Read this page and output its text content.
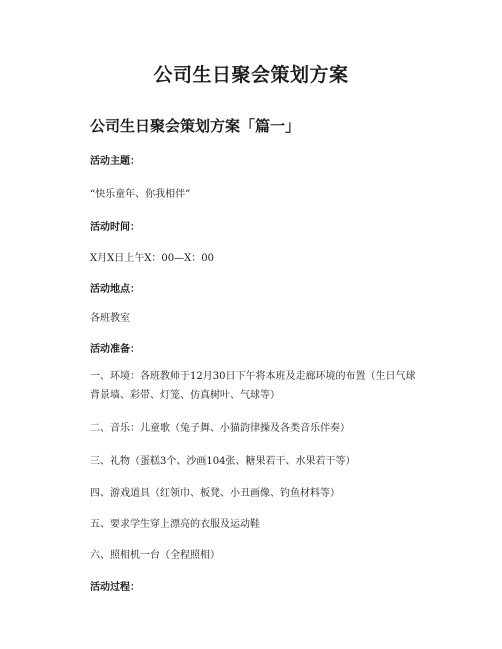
公司生日聚会策划方案
公司生日聚会策划方案「篇一」

活动主题：

“快乐童年、你我相伴”

活动时间：

X月X日上午X：00—X：00

活动地点：

各班教室

活动准备：

一、环境：各班教师于12月30日下午将本班及走廊环境的布置（生日气球背景墙、彩带、灯笼、仿真树叶、气球等）

二、音乐：儿童歌（兔子舞、小猫韵律操及各类音乐伴奏）

三、礼物（蛋糕3个、沙画104张、糖果若干、水果若干等）

四、游戏道具（红领巾、板凳、小丑画像、钓鱼材料等）

五、要求学生穿上漂亮的衣服及运动鞋

六、照相机一台（全程照相）

活动过程：
